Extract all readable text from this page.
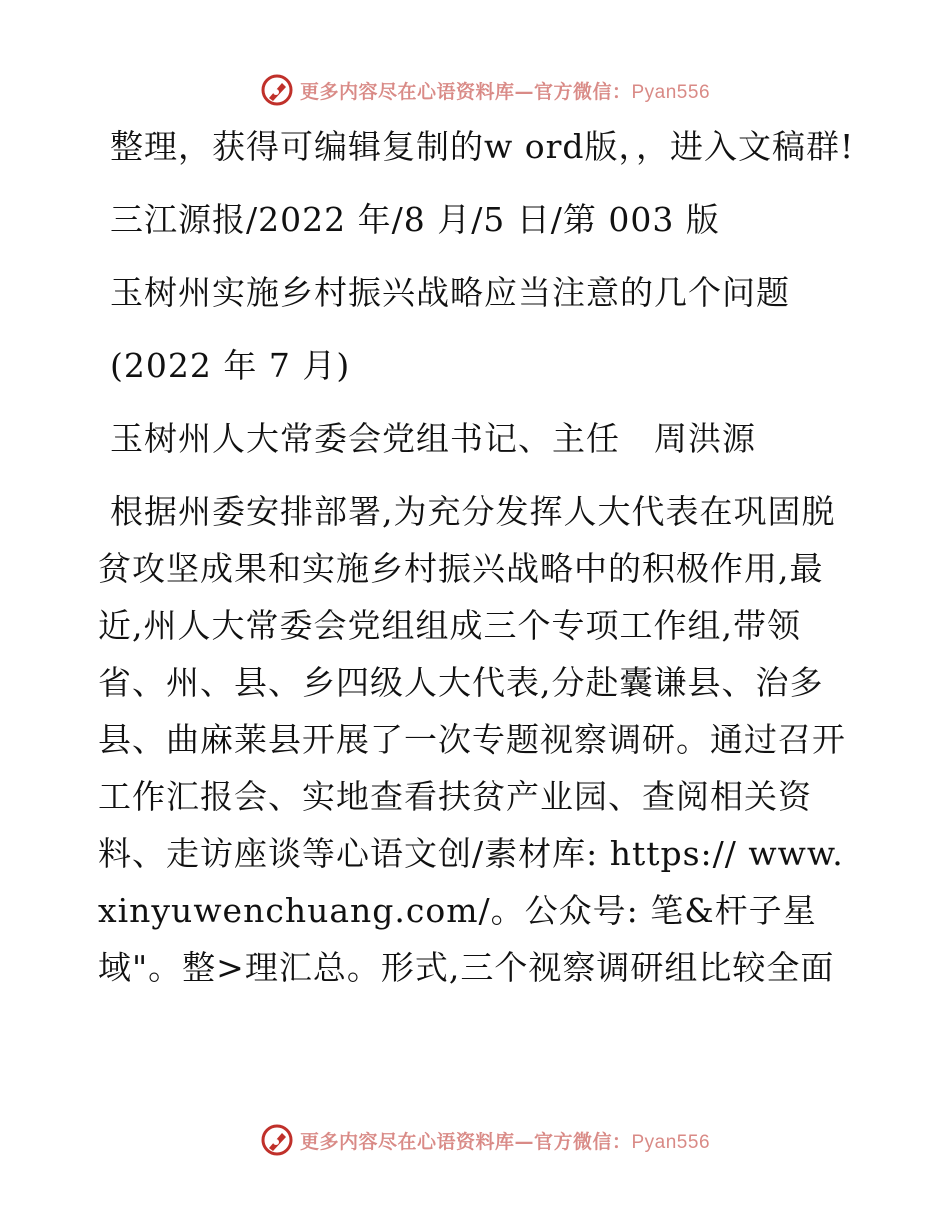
更多内容尽在心语资料库—官方微信：Pyan556

整理，获得可编辑复制的w ord版，，进入文稿群!

三江源报/2022 年/8 月/5 日/第 003 版

玉树州实施乡村振兴战略应当注意的几个问题

(2022 年 7 月)

玉树州人大常委会党组书记、主任　周洪源

根据州委安排部署,为充分发挥人大代表在巩固脱贫攻坚成果和实施乡村振兴战略中的积极作用,最近,州人大常委会党组组成三个专项工作组,带领省、州、县、乡四级人大代表,分赴囊谦县、治多县、曲麻莱县开展了一次专题视察调研。通过召开工作汇报会、实地查看扶贫产业园、查阅相关资料、走访座谈等心语文创/素材库: https:// www.xinyuwenchuang.com/。公众号: 笔&杆子星域"。整>理汇总。形式,三个视察调研组比较全面

更多内容尽在心语资料库—官方微信：Pyan556
